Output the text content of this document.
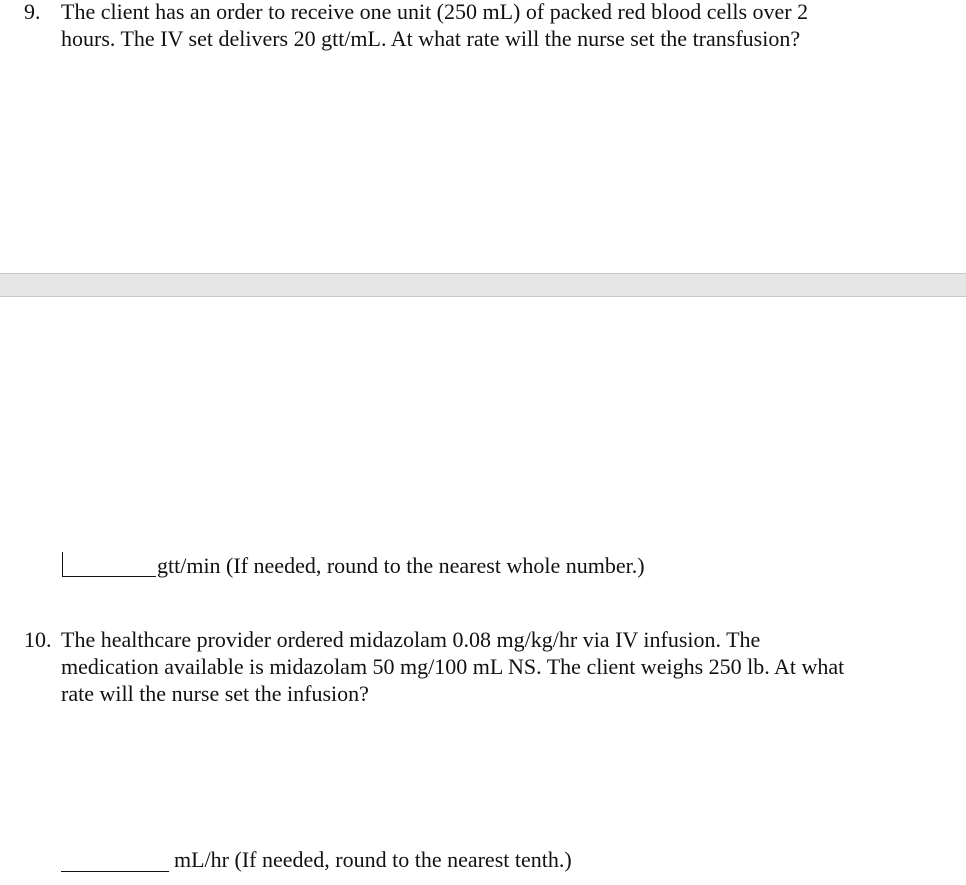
9. The client has an order to receive one unit (250 mL) of packed red blood cells over 2
hours. The IV set delivers 20 gtt/mL. At what rate will the nurse set the transfusion?
gtt/min (If needed, round to the nearest whole number.)
10. The healthcare provider ordered midazolam 0.08 mg/kg/hr via IV infusion. The
medication available is midazolam 50 mg/100 mL NS. The client weighs 250 lb. At what
rate will the nurse set the infusion?
mL/hr (If needed, round to the nearest tenth.)
